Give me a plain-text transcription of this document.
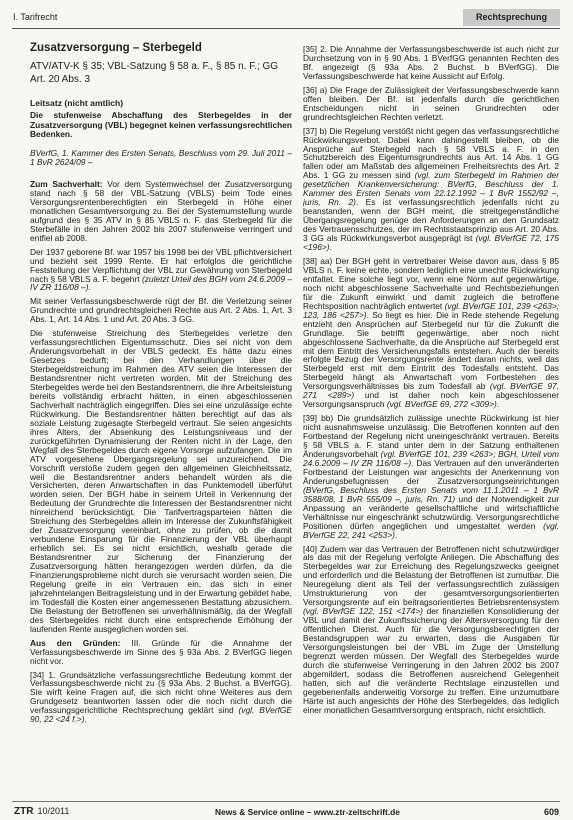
I. Tarifrecht	Rechtsprechung
Zusatzversorgung – Sterbegeld
ATV/ATV-K § 35; VBL-Satzung § 58 a. F., § 85 n. F.; GG Art. 20 Abs. 3
Leitsatz (nicht amtlich)
Die stufenweise Abschaffung des Sterbegeldes in der Zusatzversorgung (VBL) begegnet keinen verfassungsrechtlichen Bedenken.
BVerfG, 1. Kammer des Ersten Senats, Beschluss vom 29. Juli 2011 – 1 BvR 2624/09 –

Zum Sachverhalt: Vor dem Systemwechsel der Zusatzversorgung stand nach § 58 der VBL-Satzung (VBLS) beim Tode eines Versorgungsrentenberechtigten ein Sterbegeld in Höhe einer monatlichen Gesamtversorgung zu. Bei der Systemumstellung wurde aufgrund des § 35 ATV in § 85 VBLS n. F. das Sterbegeld für die Sterbefälle in den Jahren 2002 bis 2007 stufenweise verringert und entfiel ab 2008.

Der 1937 geborene Bf. war 1957 bis 1998 bei der VBL pflichtversichert und bezieht seit 1999 Rente. Er hat erfolglos die gerichtliche Feststellung der Verpflichtung der VBL zur Gewährung von Sterbegeld nach § 58 VBLS a. F. begehrt (zuletzt Urteil des BGH vom 24.6.2009 – IV ZR 116/08 –).

Mit seiner Verfassungsbeschwerde rügt der Bf. die Verletzung seiner Grundrechte und grundrechtsgleichen Rechte aus Art. 2 Abs. 1, Art. 3 Abs. 1, Art. 14 Abs. 1 und Art. 20 Abs. 3 GG.

Die stufenweise Streichung des Sterbegeldes verletze den verfassungsrechtlichen Eigentumsschutz. Dies sei nicht von dem Änderungsvorbehalt in der VBLS gedeckt. Es hätte dazu eines Gesetzes bedurft; bei den Verhandlungen über die Sterbegeldstreichung im Rahmen des ATV seien die Interessen der Bestandsrentner nicht vertreten worden. Mit der Streichung des Sterbegeldes werde bei den Bestandsrentnern, die ihre Arbeitsleistung bereits vollständig erbracht hätten, in einen abgeschlossenen Sachverhalt nachträglich eingegriffen. Dies sei eine unzulässige echte Rückwirkung. Die Bestandsrentner hätten berechtigt auf das als soziale Leistung zugesagte Sterbegeld vertraut. Sie seien angesichts ihres Alters, der Absenkung des Leistungsniveaus und der zurückgeführten Dynamisierung der Renten nicht in der Lage, den Wegfall des Sterbegeldes durch eigene Vorsorge aufzufangen. Die im ATV vorgesehene Übergangsregelung sei unzureichend. Die Vorschrift verstoße zudem gegen den allgemeinen Gleichheitssatz, weil die Bestandsrentner anders behandelt würden als die Versicherten, deren Anwartschaften in das Punktemodell überführt worden seien. Der BGH habe in seinem Urteil in Verkennung der Bedeutung der Grundrechte die Interessen der Bestandsrentner nicht hinreichend berücksichtigt. Die Tarifvertragsparteien hätten die Streichung des Sterbegeldes allein im Interesse der Zukunftsfähigkeit der Zusatzversorgung vereinbart, ohne zu prüfen, ob die damit verbundene Einsparung für die Finanzierung der VBL überhaupt erheblich sei. Es sei nicht ersichtlich, weshalb gerade die Bestandsrentner zur Sicherung der Finanzierung der Zusatzversorgung hätten herangezogen werden dürfen, da die Finanzierungsprobleme nicht durch sie verursacht worden seien. Die Regelung greife in ein Vertrauen ein, das sich in einer jahrzehntelangen Beitragsleistung und in der Erwartung gebildet habe, im Todesfall die Kosten einer angemessenen Bestattung abzusichern. Die Belastung der Betroffenen sei unverhältnismäßig, da der Wegfall des Sterbegeldes nicht durch eine entsprechende Erhöhung der laufenden Rente ausgeglichen worden sei.

Aus den Gründen: III. Gründe für die Annahme der Verfassungsbeschwerde im Sinne des § 93a Abs. 2 BVerfGG liegen nicht vor.

[34] 1. Grundsätzliche verfassungsrechtliche Bedeutung kommt der Verfassungsbeschwerde nicht zu (§ 93a Abs. 2 Buchst. a BVerfGG). Sie wirft keine Fragen auf, die sich nicht ohne Weiteres aus dem Grundgesetz beantworten lassen oder die noch nicht durch die verfassungsgerichtliche Rechtsprechung geklärt sind (vgl. BVerfGE 90, 22 <24 f.>).

[35] 2. Die Annahme der Verfassungsbeschwerde ist auch nicht zur Durchsetzung von in § 90 Abs. 1 BVerfGG genannten Rechten des Bf. angezeigt (§ 93a Abs. 2 Buchst. b BVerfGG). Die Verfassungsbeschwerde hat keine Aussicht auf Erfolg.

[36] a) Die Frage der Zulässigkeit der Verfassungsbeschwerde kann offen bleiben. Der Bf. ist jedenfalls durch die gerichtlichen Entscheidungen nicht in seinen Grundrechten oder grundrechtsgleichen Rechten verletzt.

[37] b) Die Regelung verstößt nicht gegen das verfassungsrechtliche Rückwirkungsverbot. Dabei kann dahingestellt bleiben, ob die Ansprüche auf Sterbegeld nach § 58 VBLS a. F. in den Schutzbereich des Eigentumsgrundrechts aus Art. 14 Abs. 1 GG fallen oder am Maßstab des allgemeinen Freiheitsrechts des Art. 2 Abs. 1 GG zu messen sind (vgl. zum Sterbegeld im Rahmen der gesetzlichen Krankenversicherung: BVerfG, Beschluss der 1. Kammer des Ersten Senats vom 22.12.1992 – 1 BvR 1552/92 –, juris, Rn. 2). Es ist verfassungsrechtlich jedenfalls nicht zu beanstanden, wenn der BGH meint, die streitgegenständliche Übergangsregelung genüge den Anforderungen an den Grundsatz des Vertrauensschutzes, der im Rechtsstaatsprinzip aus Art. 20 Abs. 3 GG als Rückwirkungsverbot ausgeprägt ist (vgl. BVerfGE 72, 175 <196>).

[38] aa) Der BGH geht in vertretbarer Weise davon aus, dass § 85 VBLS n. F. keine echte, sondern lediglich eine unechte Rückwirkung entfaltet. Eine solche liegt vor, wenn eine Norm auf gegenwärtige, noch nicht abgeschlossene Sachverhalte und Rechtsbeziehungen für die Zukunft einwirkt und damit zugleich die betroffene Rechtsposition nachträglich entwertet (vgl. BVerfGE 101, 239 <263>; 123, 186 <257>). So liegt es hier. Die in Rede stehende Regelung entzieht den Ansprüchen auf Sterbegeld nur für die Zukunft die Grundlage. Sie betrifft gegenwärtige, aber noch nicht abgeschlossene Sachverhalte, da die Ansprüche auf Sterbegeld erst mit dem Eintritt des Versicherungsfalls entstehen. Auch der bereits erfolgte Bezug der Versorgungsrente ändert daran nichts, weil das Sterbegeld erst mit dem Eintritt des Todesfalls entsteht. Das Sterbegeld hängt als Anwartschaft vom Fortbestehen des Versorgungsverhältnisses bis zum Todesfall ab (vgl. BVerfGE 97, 271 <289>) und ist daher noch kein abgeschlossener Versorgungsanspruch (vgl. BVerfGE 69, 272 <309>).

[39] bb) Die grundsätzlich zulässige unechte Rückwirkung ist hier nicht ausnahmsweise unzulässig. Die Betroffenen konnten auf den Fortbestand der Regelung nicht uneingeschränkt vertrauen. Bereits § 58 VBLS a. F. stand unter dem in der Satzung enthaltenen Änderungsvorbehalt (vgl. BVerfGE 101, 239 <263>; BGH, Urteil vom 24.6.2009 – IV ZR 116/08 –). Das Vertrauen auf den unveränderten Fortbestand der Leistungen war angesichts der Anerkennung von Änderungsbefugnissen der Zusatzversorgungseinrichtungen (BVerfG, Beschluss des Ersten Senats vom 11.1.2011 – 1 BvR 3588/08, 1 BvR 555/09 –, juris, Rn. 71) und der Notwendigkeit zur Anpassung an veränderte gesellschaftliche und wirtschaftliche Verhältnisse nur eingeschränkt schutzwürdig. Versorgungsrechtliche Positionen dürfen angeglichen und umgestaltet werden (vgl. BVerfGE 22, 241 <253>).

[40] Zudem war das Vertrauen der Betroffenen nicht schutzwürdiger als das mit der Regelung verfolgte Anliegen. Die Abschaffung des Sterbegeldes war zur Erreichung des Regelungszwecks geeignet und erforderlich und die Belastung der Betroffenen ist zumutbar. Die Neuregelung dient als Teil der verfassungsrechtlich zulässigen Umstrukturierung von der gesamtversorgungsorientierten Versorgungsrente auf ein beitragsorientiertes Betriebsrentensystem (vgl. BVerfGE 122, 151 <174>) der finanziellen Konsolidierung der VBL und damit der Zukunftssicherung der Altersversorgung für den öffentlichen Dienst. Auch für die Versorgungsberechtigten der Bestandsgruppen war zu erwarten, dass die Ausgaben für Versorgungsleistungen bei der VBL im Zuge der Umstellung begrenzt werden müssen. Der Wegfall des Sterbegeldes wurde durch die stufenweise Verringerung in den Jahren 2002 bis 2007 abgemildert, sodass die Betroffenen ausreichend Gelegenheit hatten, sich auf die veränderte Rechtslage einzustellen und gegebenenfalls anderweitig Vorsorge zu treffen. Eine unzumutbare Härte ist auch angesichts der Höhe des Sterbegeldes, das lediglich einer monatlichen Gesamtversorgung entsprach, nicht ersichtlich.

ZTR 10/2011	News & Service online – www.ztr-zeitschrift.de	609
